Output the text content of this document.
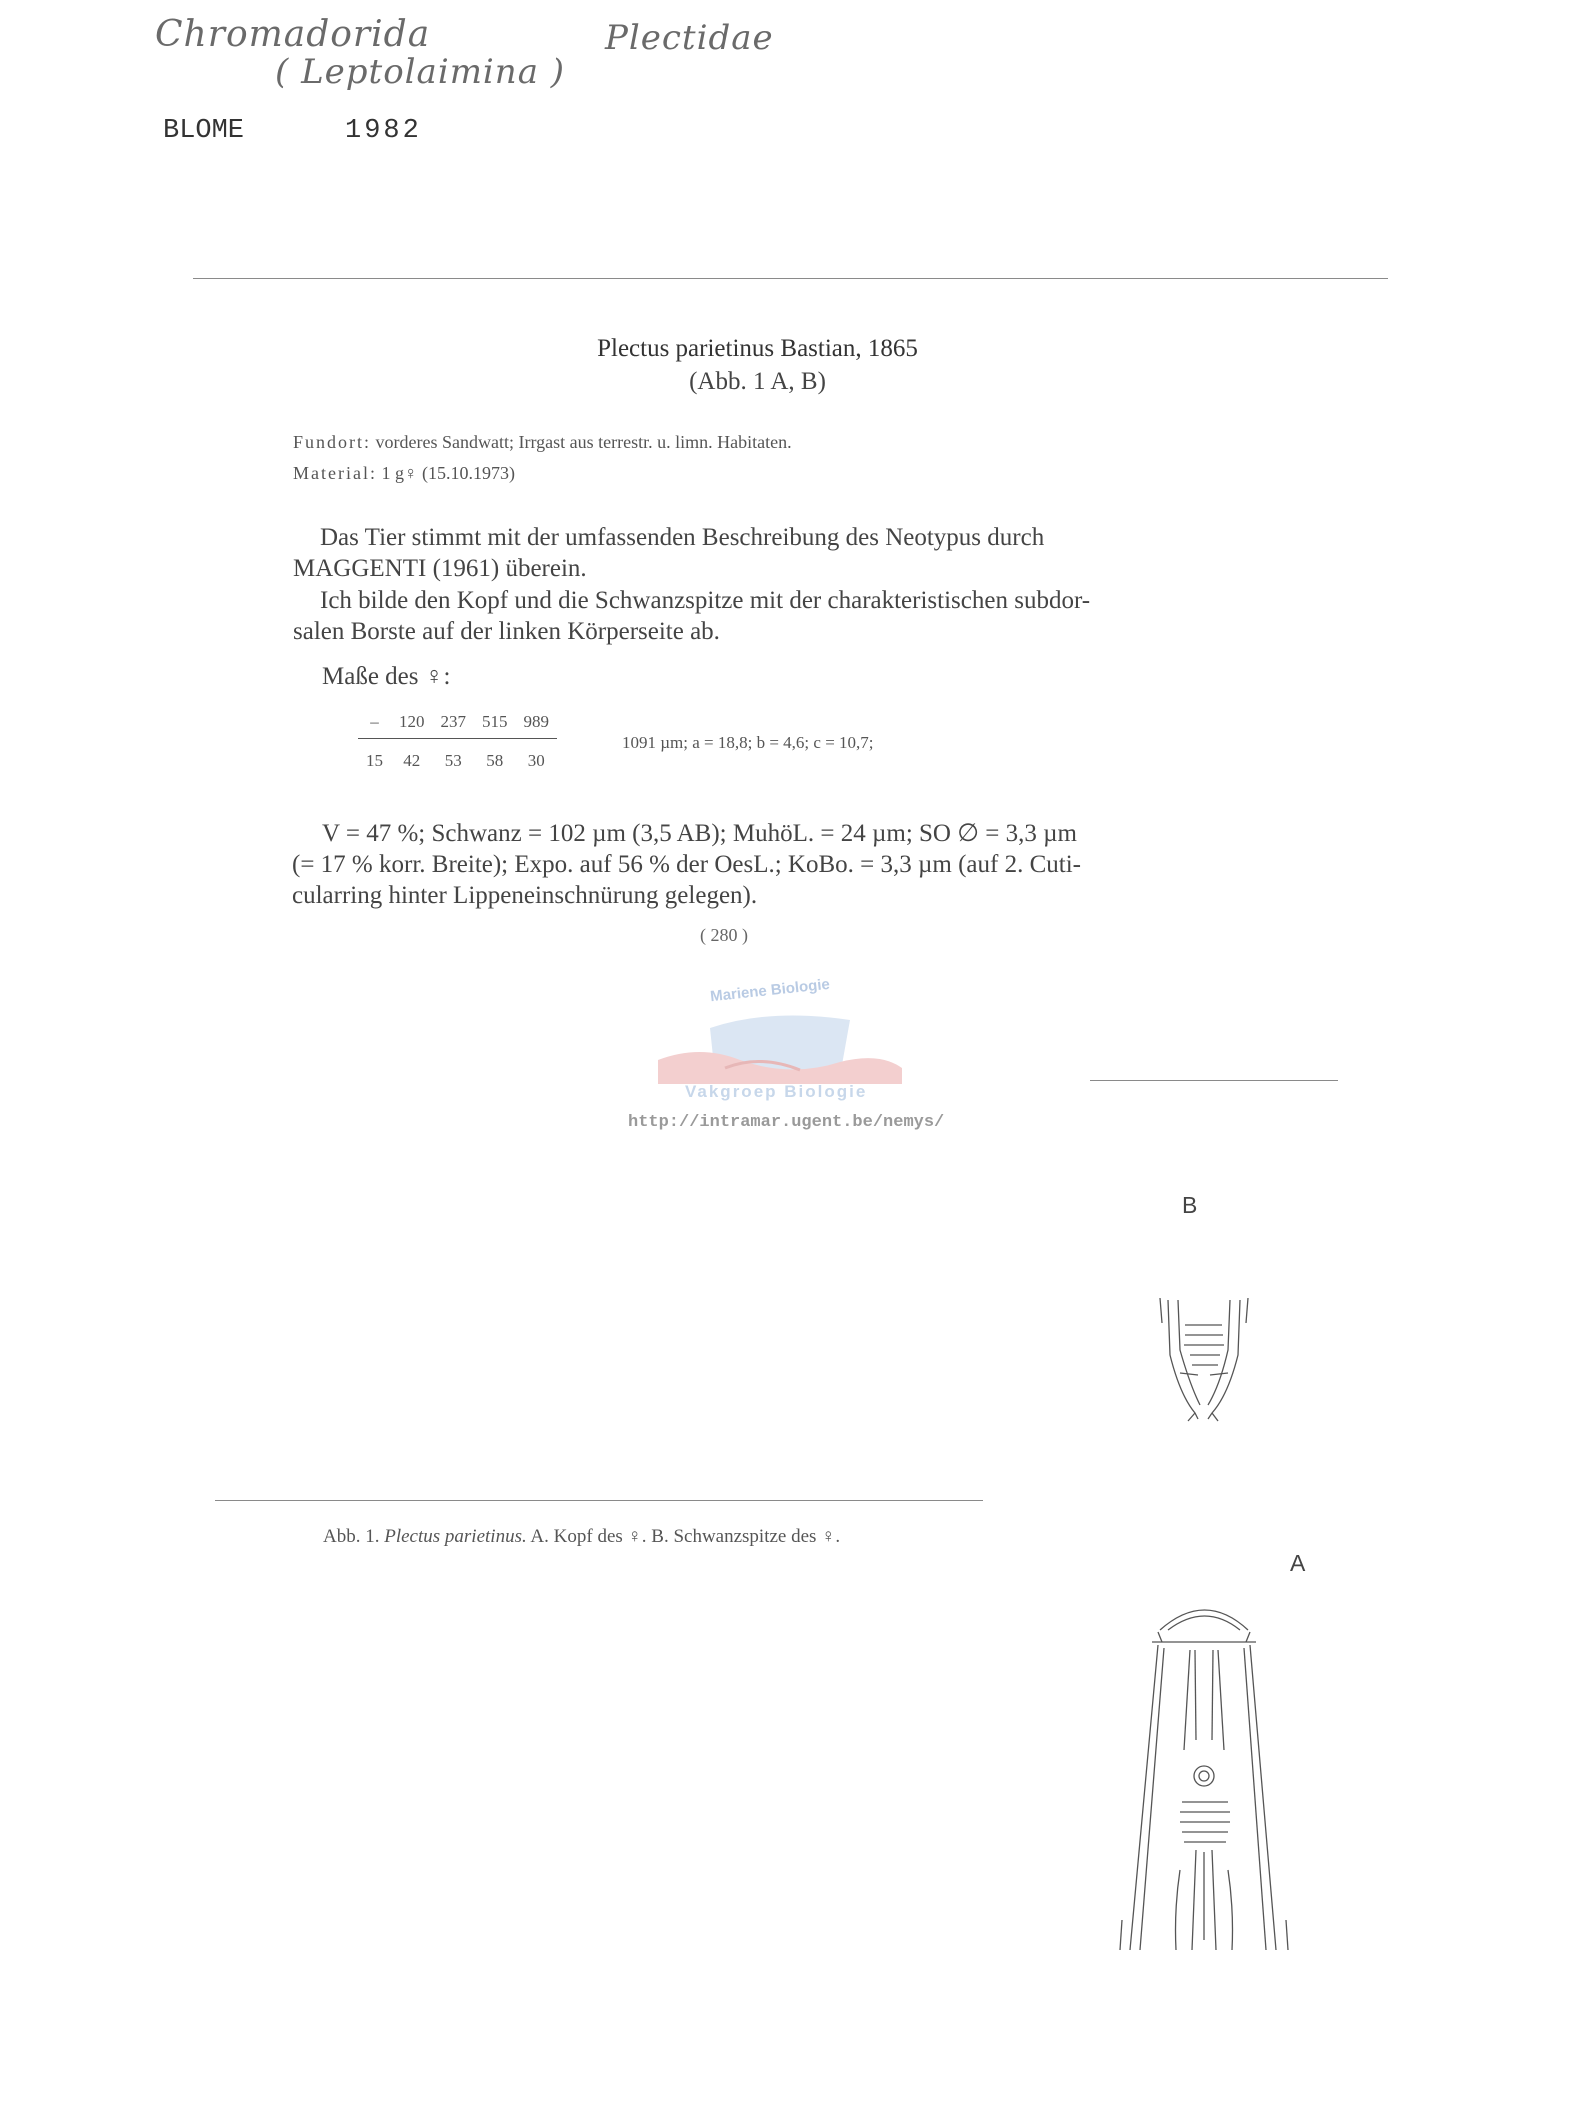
Chromadorida
( Leptolaimina )
Plectidae
BLOME	1982
Plectus parietinus Bastian, 1865
(Abb. 1 A, B)
Fundort: vorderes Sandwatt; Irrgast aus terrestr. u. limn. Habitaten.
Material: 1 g♀ (15.10.1973)
Das Tier stimmt mit der umfassenden Beschreibung des Neotypus durch
MAGGENTI (1961) überein.
Ich bilde den Kopf und die Schwanzspitze mit der charakteristischen subdor-
salen Borste auf der linken Körperseite ab.
Maße des ♀:
–	120	237	515	989
15	42	53	58	30
1091 µm; a = 18,8; b = 4,6; c = 10,7;
V = 47 %; Schwanz = 102 µm (3,5 AB); MuhöL. = 24 µm; SO ∅ = 3,3 µm
(= 17 % korr. Breite); Expo. auf 56 % der OesL.; KoBo. = 3,3 µm (auf 2. Cuti-
cularring hinter Lippeneinschnürung gelegen).
( 280 )
Mariene Biologie
Vakgroep Biologie
http://intramar.ugent.be/nemys/
B
Abb. 1. Plectus parietinus. A. Kopf des ♀. B. Schwanzspitze des ♀.
A
